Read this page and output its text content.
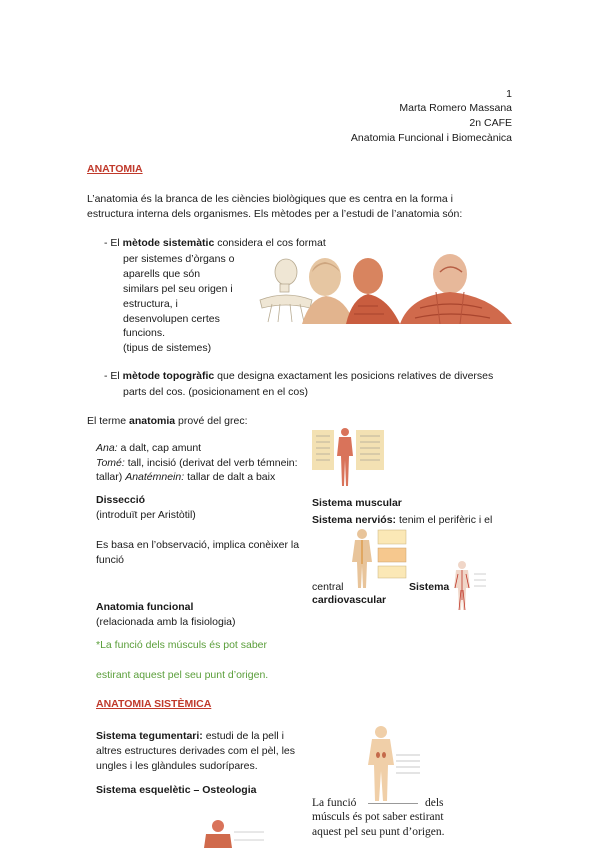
1
Marta Romero Massana
2n CAFE
Anatomia Funcional i Biomecànica
ANATOMIA
L’anatomia és la branca de les ciències biològiques que es centra en la forma i
estructura interna dels organismes. Els mètodes per a l’estudi de l’anatomia són:
- El mètode sistemàtic considera el cos format
per sistemes d’òrgans o
aparells que són
similars pel seu origen i
estructura, i
desenvolupen certes
funcions.
(tipus de sistemes)
- El mètode topogràfic que designa exactament les posicions relatives de diverses
parts del cos. (posicionament en el cos)
El terme anatomia prové del grec:
Ana: a dalt, cap amunt
Tomé: tall, incisió (derivat del verb témnein:
tallar) Anatémnein: tallar de dalt a baix
Dissecció
(introduït per Aristòtil)
Es basa en l’observació, implica conèixer la
funció
Anatomia funcional
(relacionada amb la fisiologia)
*La funció dels músculs és pot saber
estirant aquest pel seu punt d’origen.
Sistema muscular
Sistema nerviós: tenim el perifèric i el
central	Sistema
cardiovascular
ANATOMIA SISTÈMICA
Sistema tegumentari: estudi de la pell i
altres estructures derivades com el pèl, les
ungles i les glàndules sudorípares.
Sistema esquelètic – Osteologia
La funció	dels
músculs és pot saber estirant
aquest pel seu punt d’origen.
